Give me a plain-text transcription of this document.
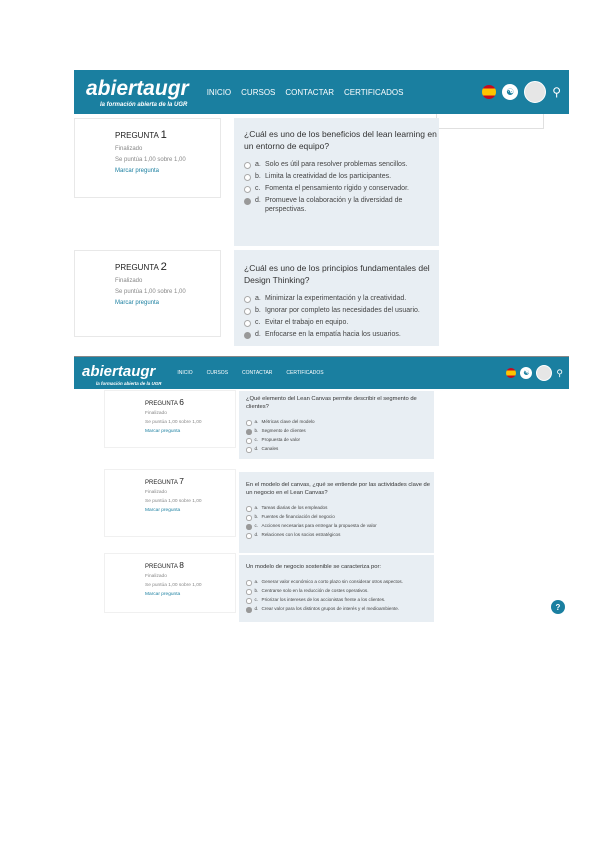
abiertaugr
la formación abierta de la UGR
INICIO CURSOS CONTACTAR CERTIFICADOS	☯	⚲
PREGUNTA 1
Finalizado
Se puntúa 1,00 sobre 1,00
Marcar pregunta
¿Cuál es uno de los beneficios del lean learning en un entorno de equipo?
a. Solo es útil para resolver problemas sencillos.
b. Limita la creatividad de los participantes.
c. Fomenta el pensamiento rígido y conservador.
d. Promueve la colaboración y la diversidad de perspectivas.
PREGUNTA 2
Finalizado
Se puntúa 1,00 sobre 1,00
Marcar pregunta
¿Cuál es uno de los principios fundamentales del Design Thinking?
a. Minimizar la experimentación y la creatividad.
b. Ignorar por completo las necesidades del usuario.
c. Evitar el trabajo en equipo.
d. Enfocarse en la empatía hacia los usuarios.
abiertaugr
la formación abierta de la UGR
INICIO	CURSOS	CONTACTAR	CERTIFICADOS	☯	⚲
PREGUNTA 6
Finalizado
Se puntúa 1,00 sobre 1,00
Marcar pregunta
¿Qué elemento del Lean Canvas permite describir el segmento de clientes?
a. Métricas clave del modelo
b. Segmento de clientes
c. Propuesta de valor
d. Canales
PREGUNTA 7
Finalizado
Se puntúa 1,00 sobre 1,00
Marcar pregunta
En el modelo del canvas, ¿qué se entiende por las actividades clave de un negocio en el Lean Canvas?
a. Tareas diarias de los empleados
b. Fuentes de financiación del negocio
c. Acciones necesarias para entregar la propuesta de valor
d. Relaciones con los socios estratégicos
PREGUNTA 8
Finalizado
Se puntúa 1,00 sobre 1,00
Marcar pregunta
Un modelo de negocio sostenible se caracteriza por:
a. Generar valor económico a corto plazo sin considerar otros aspectos.
b. Centrarse solo en la reducción de costes operativos.
c. Priorizar los intereses de los accionistas frente a los clientes.
d. Crear valor para los distintos grupos de interés y el medioambiente.	?
